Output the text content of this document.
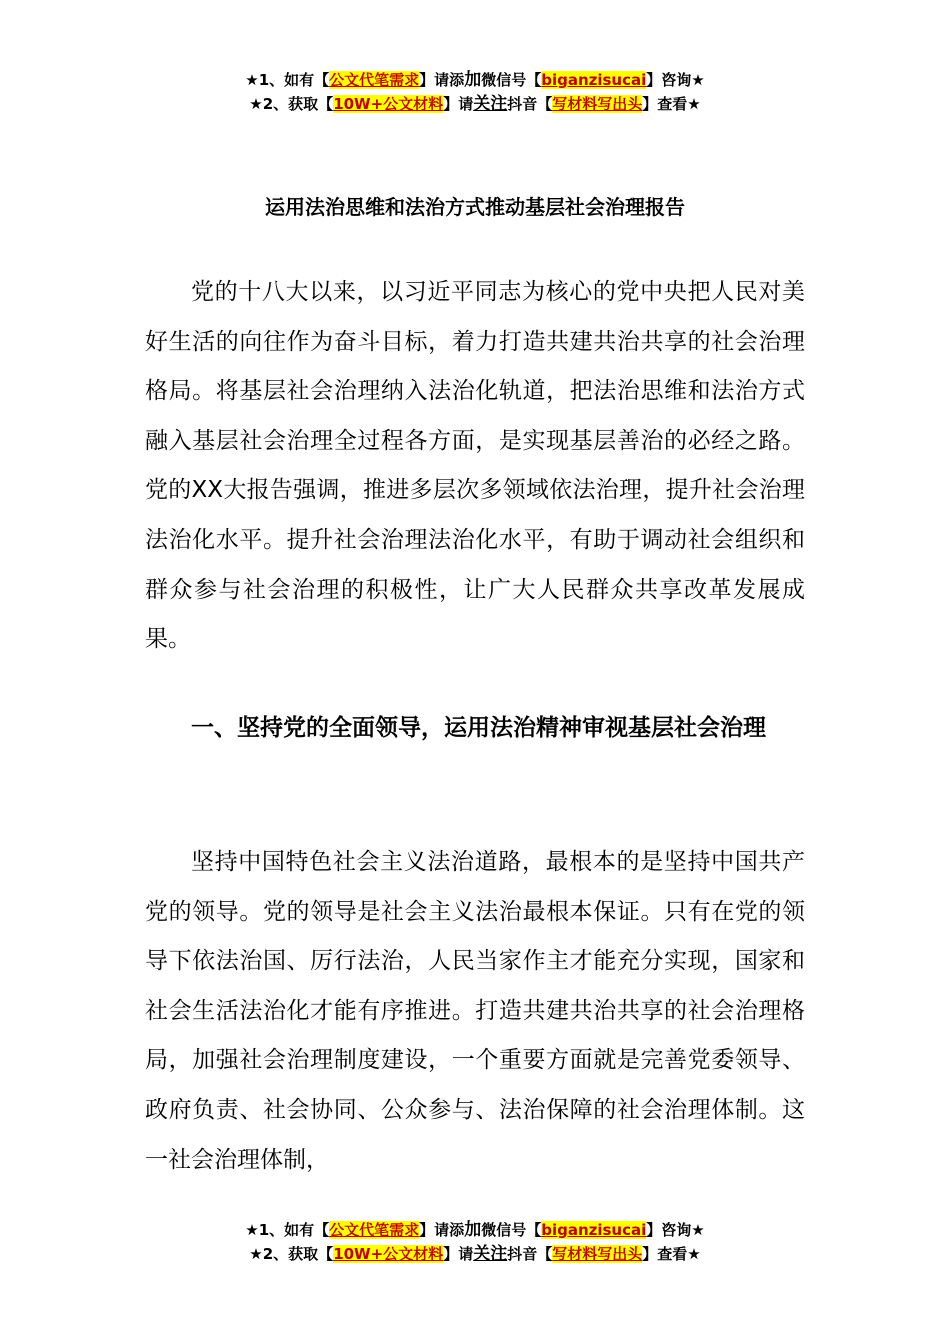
★1、如有【公文代笔需求】请添加微信号【biganzisucai】咨询★
★2、获取【10W+公文材料】请关注抖音【写材料写出头】查看★
运用法治思维和法治方式推动基层社会治理报告

党的十八大以来，以习近平同志为核心的党中央把人民对美好生活的向往作为奋斗目标，着力打造共建共治共享的社会治理格局。将基层社会治理纳入法治化轨道，把法治思维和法治方式融入基层社会治理全过程各方面，是实现基层善治的必经之路。党的XX大报告强调，推进多层次多领域依法治理，提升社会治理法治化水平。提升社会治理法治化水平，有助于调动社会组织和群众参与社会治理的积极性，让广大人民群众共享改革发展成果。

一、坚持党的全面领导，运用法治精神审视基层社会治理

坚持中国特色社会主义法治道路，最根本的是坚持中国共产党的领导。党的领导是社会主义法治最根本保证。只有在党的领导下依法治国、厉行法治，人民当家作主才能充分实现，国家和社会生活法治化才能有序推进。打造共建共治共享的社会治理格局，加强社会治理制度建设，一个重要方面就是完善党委领导、政府负责、社会协同、公众参与、法治保障的社会治理体制。这一社会治理体制，

★1、如有【公文代笔需求】请添加微信号【biganzisucai】咨询★
★2、获取【10W+公文材料】请关注抖音【写材料写出头】查看★
